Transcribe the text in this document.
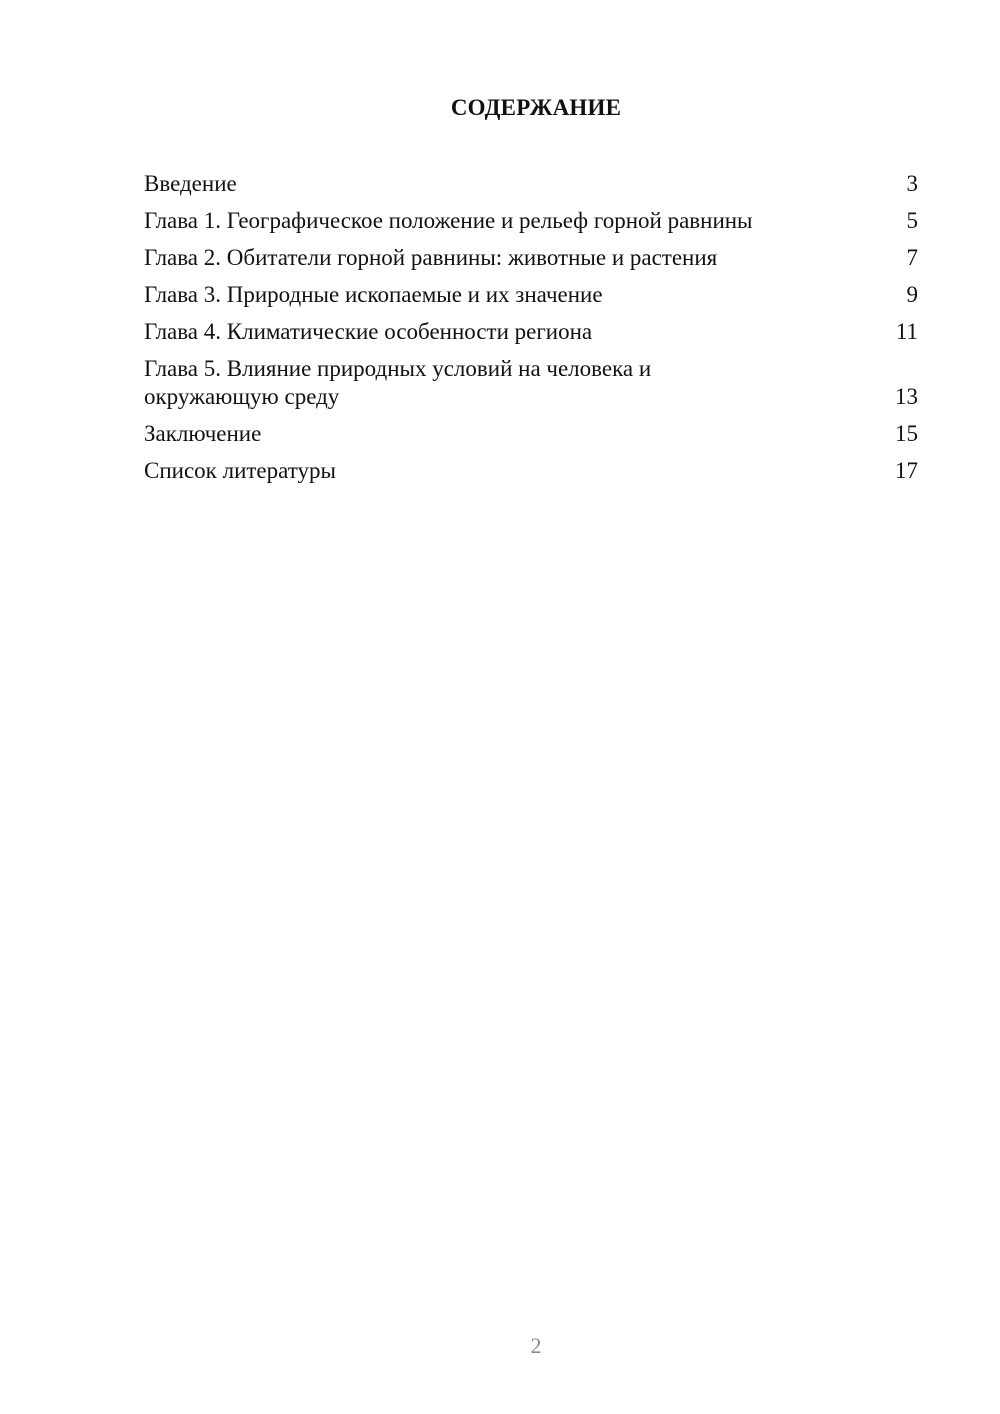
СОДЕРЖАНИЕ
Введение	3
Глава 1. Географическое положение и рельеф горной равнины	5
Глава 2. Обитатели горной равнины: животные и растения	7
Глава 3. Природные ископаемые и их значение	9
Глава 4. Климатические особенности региона	11
Глава 5. Влияние природных условий на человека и окружающую среду	13
Заключение	15
Список литературы	17
2
